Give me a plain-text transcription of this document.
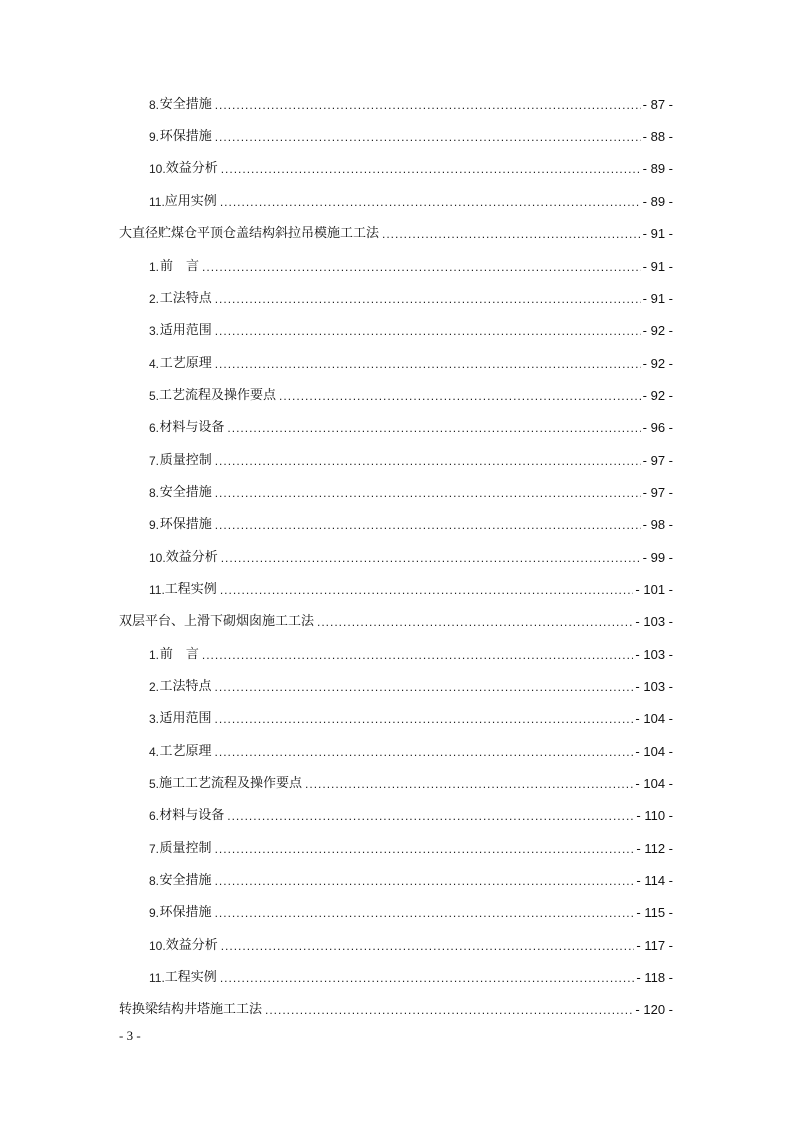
8. 安全措施 .....	- 87 -
9. 环保措施 .....	- 88 -
10. 效益分析 .....	- 89 -
11. 应用实例 .....	- 89 -
大直径贮煤仓平顶仓盖结构斜拉吊模施工工法 .....	- 91 -
1. 前　言 .....	- 91 -
2. 工法特点 .....	- 91 -
3. 适用范围 .....	- 92 -
4. 工艺原理 .....	- 92 -
5. 工艺流程及操作要点 .....	- 92 -
6. 材料与设备 .....	- 96 -
7. 质量控制 .....	- 97 -
8. 安全措施 .....	- 97 -
9. 环保措施 .....	- 98 -
10. 效益分析 .....	- 99 -
11. 工程实例 .....	- 101 -
双层平台、上滑下砌烟囱施工工法 .....	- 103 -
1. 前　言 .....	- 103 -
2. 工法特点 .....	- 103 -
3. 适用范围 .....	- 104 -
4. 工艺原理 .....	- 104 -
5. 施工工艺流程及操作要点 .....	- 104 -
6. 材料与设备 .....	- 110 -
7. 质量控制 .....	- 112 -
8. 安全措施 .....	- 114 -
9. 环保措施 .....	- 115 -
10. 效益分析 .....	- 117 -
11. 工程实例 .....	- 118 -
转换梁结构井塔施工工法 .....	- 120 -
- 3 -
